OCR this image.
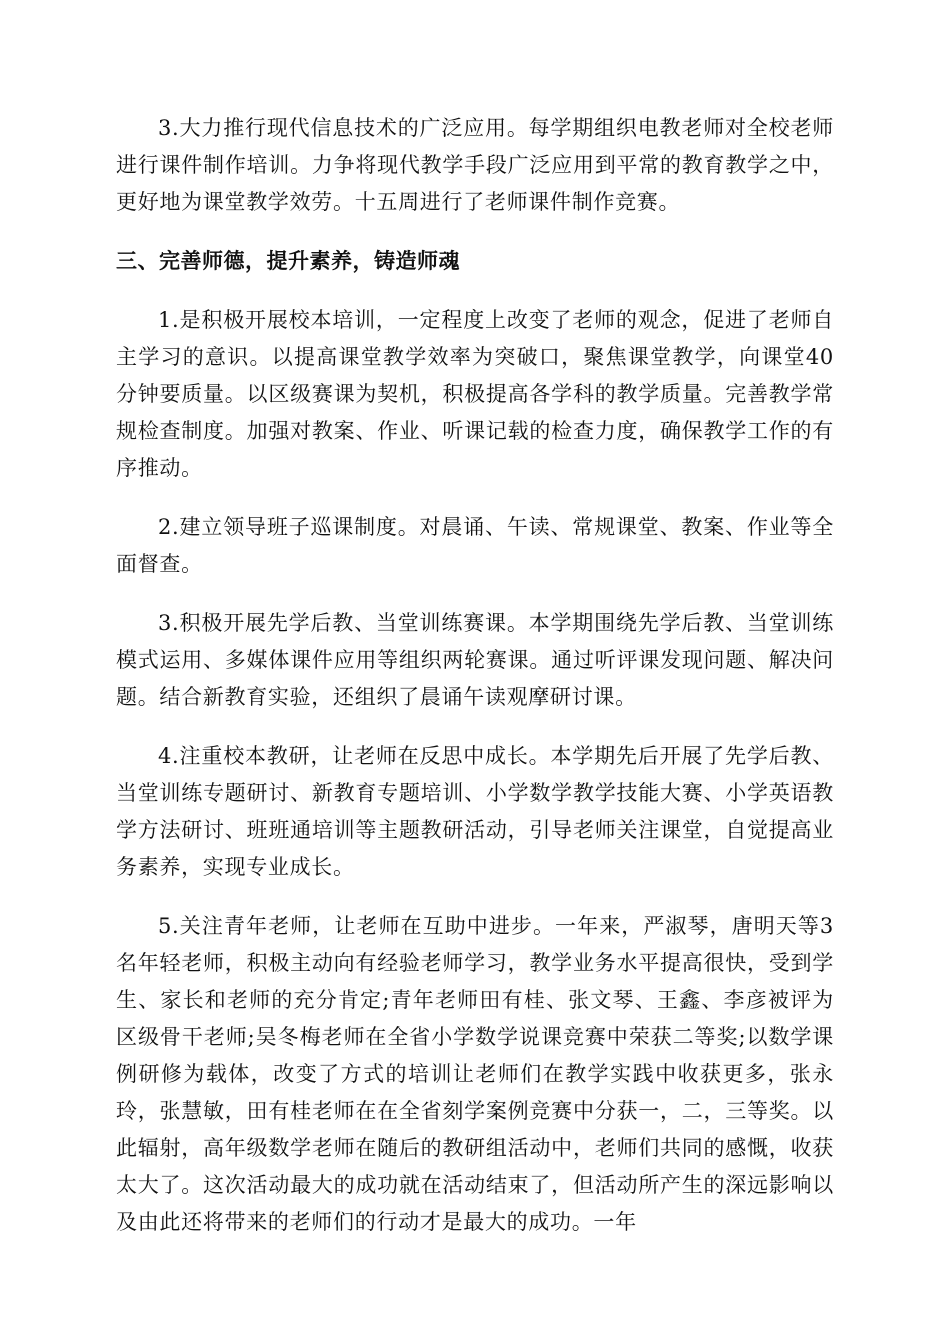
3.大力推行现代信息技术的广泛应用。每学期组织电教老师对全校老师进行课件制作培训。力争将现代教学手段广泛应用到平常的教育教学之中，更好地为课堂教学效劳。十五周进行了老师课件制作竞赛。

三、完善师德，提升素养，铸造师魂

1.是积极开展校本培训，一定程度上改变了老师的观念，促进了老师自主学习的意识。以提高课堂教学效率为突破口，聚焦课堂教学，向课堂40分钟要质量。以区级赛课为契机，积极提高各学科的教学质量。完善教学常规检查制度。加强对教案、作业、听课记载的检查力度，确保教学工作的有序推动。

2.建立领导班子巡课制度。对晨诵、午读、常规课堂、教案、作业等全面督查。

3.积极开展先学后教、当堂训练赛课。本学期围绕先学后教、当堂训练模式运用、多媒体课件应用等组织两轮赛课。通过听评课发现问题、解决问题。结合新教育实验，还组织了晨诵午读观摩研讨课。

4.注重校本教研，让老师在反思中成长。本学期先后开展了先学后教、当堂训练专题研讨、新教育专题培训、小学数学教学技能大赛、小学英语教学方法研讨、班班通培训等主题教研活动，引导老师关注课堂，自觉提高业务素养，实现专业成长。

5.关注青年老师，让老师在互助中进步。一年来，严淑琴，唐明天等3名年轻老师，积极主动向有经验老师学习，教学业务水平提高很快，受到学生、家长和老师的充分肯定;青年老师田有桂、张文琴、王鑫、李彦被评为区级骨干老师;吴冬梅老师在全省小学数学说课竞赛中荣获二等奖;以数学课例研修为载体，改变了方式的培训让老师们在教学实践中收获更多，张永玲，张慧敏，田有桂老师在在全省刻学案例竞赛中分获一，二，三等奖。以此辐射，高年级数学老师在随后的教研组活动中，老师们共同的感慨，收获太大了。这次活动最大的成功就在活动结束了，但活动所产生的深远影响以及由此还将带来的老师们的行动才是最大的成功。一年
